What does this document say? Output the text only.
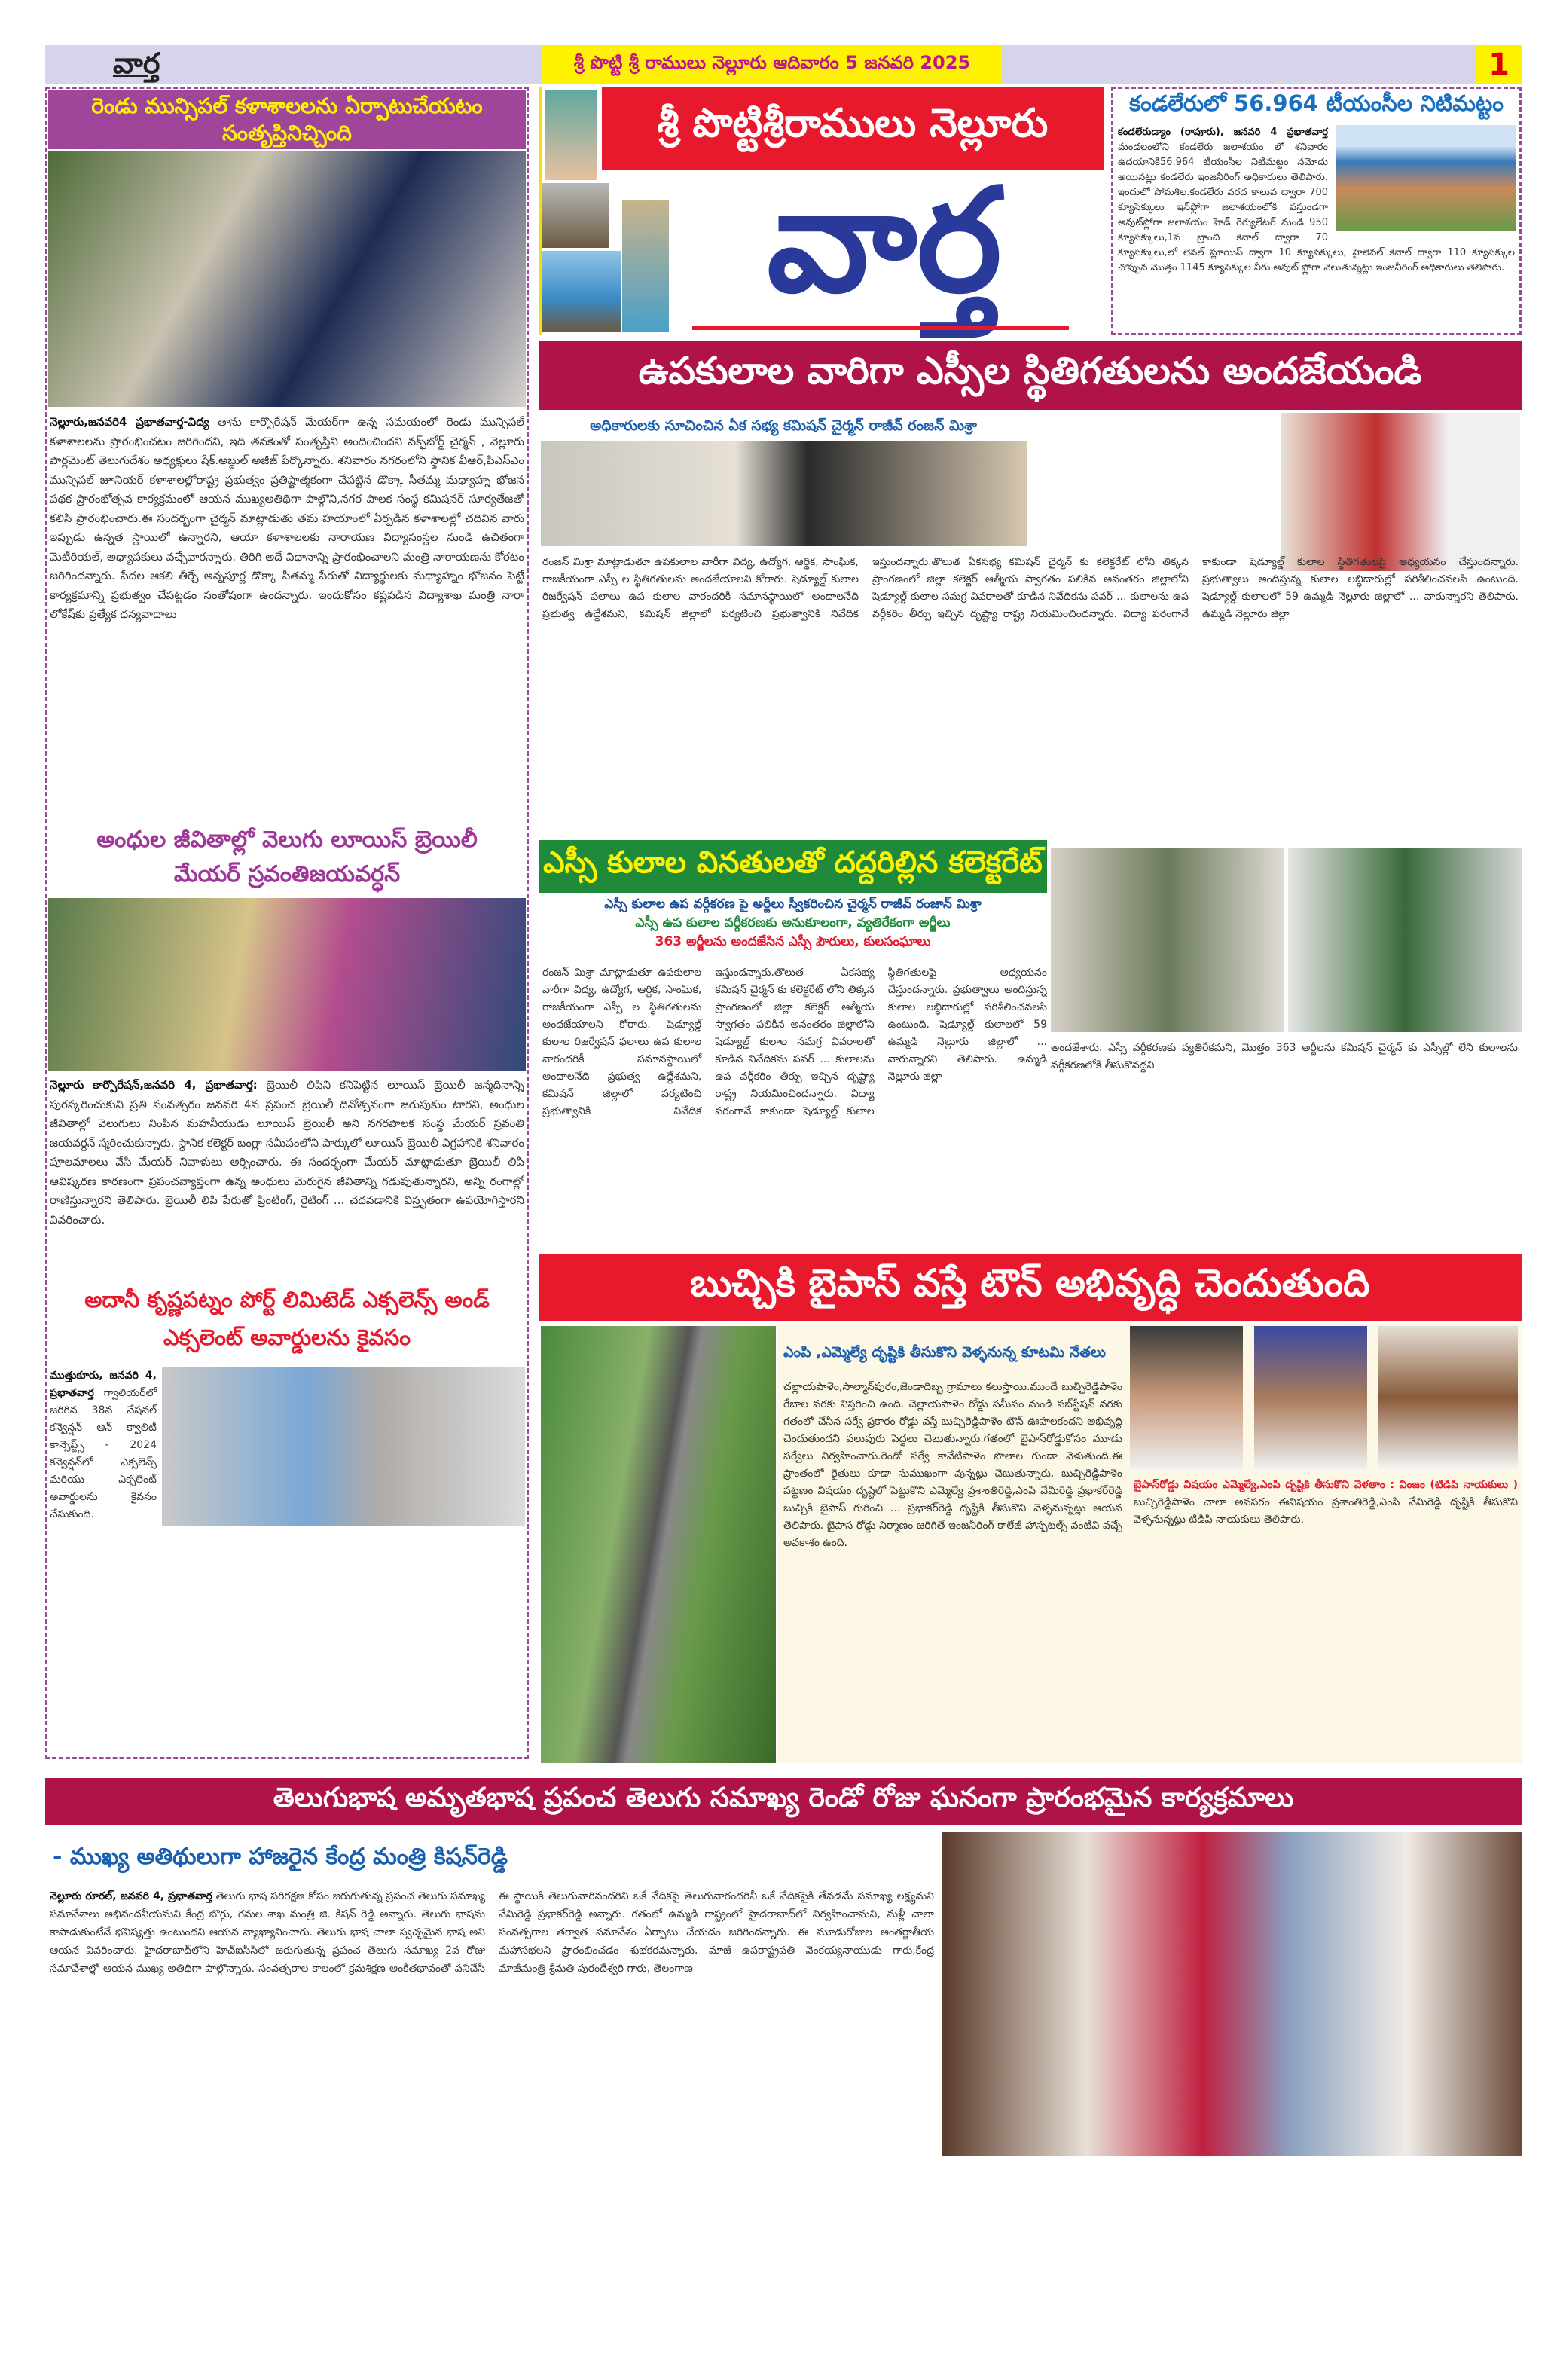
వార్త	శ్రీ పొట్టి శ్రీ రాములు నెల్లూరు ఆదివారం 5 జనవరి 2025	1
రెండు మున్సిపల్ కళాశాలలను ఏర్పాటుచేయటం సంతృప్తినిచ్చింది
నెల్లూరు,జనవరి4 ప్రభాతవార్త-విద్య తాను కార్పొరేషన్ మేయర్‌గా ఉన్న సమయంలో రెండు మున్సిపల్ కళాశాలలను ప్రారంభించటం జరిగిందని, ఇది తనకెంతో సంతృప్తిని అందించిందని వక్ఫ్‌బోర్డ్ చైర్మన్ , నెల్లూరు పార్లమెంట్ తెలుగుదేశం అధ్యక్షులు షేక్.అబ్దుల్ అజీజ్ పేర్కొన్నారు. శనివారం నగరంలోని స్థానిక వీఆర్,పిఎస్ఎం మున్సిపల్ జూనియర్ కళాశాలల్లోరాష్ట్ర ప్రభుత్వం ప్రతిష్టాత్మకంగా చేపట్టిన డొక్కా సీతమ్మ మధ్యాహ్న భోజన పథక ప్రారంభోత్సవ కార్యక్రమంలో ఆయన ముఖ్యఅతిథిగా పాల్గొని,నగర పాలక సంస్థ కమిషనర్ సూర్యతేజతో కలిసి ప్రారంభించారు.ఈ సందర్భంగా చైర్మన్ మాట్లాడుతు తమ హయాంలో ఏర్పడిన కళాశాలల్లో చదివిన వారు ఇప్పుడు ఉన్నత స్థాయిలో ఉన్నారని, ఆయా కళాశాలలకు నారాయణ విద్యాసంస్థల నుండి ఉచితంగా మెటీరియల్, అధ్యాపకులు వచ్చేవారన్నారు. తిరిగి అదే విధానాన్ని ప్రారంభించాలని మంత్రి నారాయణను కోరటం జరిగిందన్నారు. పేదల ఆకలి తీర్చే అన్నపూర్ణ డొక్కా సీతమ్మ పేరుతో విద్యార్థులకు మధ్యాహ్నం భోజనం పెట్టే కార్యక్రమాన్ని ప్రభుత్వం చేపట్టడం సంతోషంగా ఉందన్నారు. ఇందుకోసం కష్టపడిన విద్యాశాఖ మంత్రి నారా లోకేష్‌కు ప్రత్యేక ధన్యవాదాలు
అంధుల జీవితాల్లో వెలుగు లూయిస్ బ్రెయిలీ మేయర్ స్రవంతిజయవర్ధన్
నెల్లూరు కార్పొరేషన్,జనవరి 4, ప్రభాతవార్త: బ్రెయిలీ లిపిని కనిపెట్టిన లూయిస్ బ్రెయిలీ జన్మదినాన్ని పురస్కరించుకుని ప్రతి సంవత్సరం జనవరి 4న ప్రపంచ బ్రెయిలీ దినోత్సవంగా జరుపుకుం టారని, అంధుల జీవితాల్లో వెలుగులు నింపిన మహనీయుడు లూయిస్ బ్రెయిలీ అని నగరపాలక సంస్థ మేయర్ స్రవంతి జయవర్ధన్ స్మరించుకున్నారు. స్థానిక కలెక్టర్ బంగ్లా సమీపంలోని పార్కులో లూయిస్ బ్రెయిలీ విగ్రహానికి శనివారం పూలమాలలు వేసి మేయర్ నివాళులు అర్పించారు. ఈ సందర్భంగా మేయర్ మాట్లాడుతూ బ్రెయిలీ లిపి ఆవిష్కరణ కారణంగా ప్రపంచవ్యాప్తంగా ఉన్న అంధులు మెరుగైన జీవితాన్ని గడుపుతున్నారని, అన్ని రంగాల్లో రాణిస్తున్నారని తెలిపారు. బ్రెయిలీ లిపి పేరుతో ప్రింటింగ్, రైటింగ్ ... చదవడానికి విస్తృతంగా ఉపయోగిస్తారని వివరించారు.
అదానీ కృష్ణపట్నం పోర్ట్ లిమిటెడ్ ఎక్సలెన్స్ అండ్ ఎక్సలెంట్ అవార్డులను కైవసం
ముత్తుకూరు, జనవరి 4, ప్రభాతవార్త గ్వాలియర్‌లో జరిగిన 38వ నేషనల్ కన్వెన్షన్ ఆన్ క్వాలిటీ కాన్సెప్ట్స్ - 2024 కన్వెన్షన్‌లో ఎక్సలెన్స్ మరియు ఎక్సలెంట్ అవార్డులను కైవసం చేసుకుంది.
శ్రీ పొట్టిశ్రీరాములు నెల్లూరు
వార్త
కండలేరులో 56.964 టీయంసీల నిటిమట్టం
కండలేరుడ్యాం (రాపూరు), జనవరి 4 ప్రభాతవార్త మండలంలోని కండలేరు జలాశయం లో శనివారం ఉదయానికి56.964 టీయంసీల నిటిమట్టం నమోదు అయినట్లు కండలేరు ఇంజనీరింగ్ అధికారులు తెలిపారు. ఇందులో సోమశిల.కండలేరు వరద కాలువ ద్వారా 700 క్యూసెక్కులు ఇన్‌ఫ్లోగా జలాశయంలోకి వస్తుండగా అవుట్‌ఫ్లోగా జలాశయం హెడ్ రెగ్యులేటర్ నుండి 950 క్యూసెక్కులు,1వ బ్రాంచి కెనాల్ ద్వారా 70 క్యూసెక్కులు,లో లెవల్ స్లూయిస్ ద్వారా 10 క్యూసెక్కులు, హైలెవల్ కెనాల్ ద్వారా 110 క్యూసెక్కుల చొప్పున మొత్తం 1145 క్యూసెక్కుల నీరు అవుట్ ఫ్లోగా వెలుతున్నట్లు ఇంజనీరింగ్ అధికారులు తెలిపారు.
ఉపకులాల వారిగా ఎస్సీల స్థితిగతులను అందజేయండి
అధికారులకు సూచించిన ఏక సభ్య కమిషన్ చైర్మన్ రాజీవ్ రంజన్ మిశ్రా
రంజన్ మిశ్రా మాట్లాడుతూ ఉపకులాల వారీగా విద్య, ఉద్యోగ, ఆర్థిక, సాంఘిక, రాజకీయంగా ఎస్సీ ల స్థితిగతులను అందజేయాలని కోరారు. షెడ్యూల్డ్ కులాల రిజర్వేషన్ ఫలాలు ఉప కులాల వారందరికీ సమానస్థాయిలో అందాలనేది ప్రభుత్వ ఉద్దేశమని, కమిషన్ జిల్లాలో పర్యటించి ప్రభుత్వానికి నివేదిక ఇస్తుందన్నారు.తొలుత ఏకసభ్య కమిషన్ చైర్మన్ కు కలెక్టరేట్ లోని తిక్కన ప్రాంగణంలో జిల్లా కలెక్టర్ ఆత్మీయ స్వాగతం పలికిన అనంతరం జిల్లాలోని షెడ్యూల్డ్ కులాల సమగ్ర వివరాలతో కూడిన నివేదికను పవర్ ... కులాలను ఉప వర్గీకరిం తీర్పు ఇచ్చిన దృష్ట్యా రాష్ట్ర నియమించిందన్నారు. విద్యా పరంగానే కాకుండా షెడ్యూల్డ్ కులాల స్థితిగతులపై అధ్యయనం చేస్తుందన్నారు. ప్రభుత్వాలు అందిస్తున్న కులాల లబ్ధిదారుల్లో పరిశీలించవలసి ఉంటుంది. షెడ్యూల్డ్ కులాలలో 59 ఉమ్మడి నెల్లూరు జిల్లాలో ... వారున్నారని తెలిపారు. ఉమ్మడి నెల్లూరు జిల్లా
ఎస్సీ కులాల వినతులతో దద్దరిల్లిన కలెక్టరేట్
ఎస్సీ కులాల ఉప వర్గీకరణ పై అర్జీలు స్వీకరించిన చైర్మన్ రాజీవ్ రంజాన్ మిశ్రా
ఎస్సీ ఉప కులాల వర్గీకరణకు అనుకూలంగా, వ్యతిరేకంగా అర్జీలు
363 అర్జీలను అందజేసిన ఎస్సీ పౌరులు, కులసంఘాలు
రంజన్ మిశ్రా మాట్లాడుతూ ఉపకులాల వారీగా విద్య, ఉద్యోగ, ఆర్థిక, సాంఘిక, రాజకీయంగా ఎస్సీ ల స్థితిగతులను అందజేయాలని కోరారు. షెడ్యూల్డ్ కులాల రిజర్వేషన్ ఫలాలు ఉప కులాల వారందరికీ సమానస్థాయిలో అందాలనేది ప్రభుత్వ ఉద్దేశమని, కమిషన్ జిల్లాలో పర్యటించి ప్రభుత్వానికి నివేదిక ఇస్తుందన్నారు.తొలుత ఏకసభ్య కమిషన్ చైర్మన్ కు కలెక్టరేట్ లోని తిక్కన ప్రాంగణంలో జిల్లా కలెక్టర్ ఆత్మీయ స్వాగతం పలికిన అనంతరం జిల్లాలోని షెడ్యూల్డ్ కులాల సమగ్ర వివరాలతో కూడిన నివేదికను పవర్ ... కులాలను ఉప వర్గీకరిం తీర్పు ఇచ్చిన దృష్ట్యా రాష్ట్ర నియమించిందన్నారు. విద్యా పరంగానే కాకుండా షెడ్యూల్డ్ కులాల స్థితిగతులపై అధ్యయనం చేస్తుందన్నారు. ప్రభుత్వాలు అందిస్తున్న కులాల లబ్ధిదారుల్లో పరిశీలించవలసి ఉంటుంది. షెడ్యూల్డ్ కులాలలో 59 ఉమ్మడి నెల్లూరు జిల్లాలో ... వారున్నారని తెలిపారు. ఉమ్మడి నెల్లూరు జిల్లా
అందజేశారు. ఎస్సీ వర్గీకరణకు వ్యతిరేకమని, మొత్తం 363 అర్జీలను కమిషన్ చైర్మన్ కు ఎస్సీల్లో లేని కులాలను వర్గీకరణలోకి తీసుకొవద్దని
బుచ్చికి బైపాస్ వస్తే టౌన్ అభివృద్ధి చెందుతుంది
ఎంపి ,ఎమ్మెల్యే దృష్టికి తీసుకొని వెళ్ళనున్న కూటమి నేతలు
చల్లాయపాళెం,సాల్మాన్‌పురం,జెండాదిబ్బ గ్రామాలు కలుస్తాయి.ముందే బుచ్చిరెడ్డిపాళెం రేబాల వరకు విస్తరించి ఉంది. చెల్లాయపాళెం రోడ్డు సమీపం నుండి సబ్‌స్టేషన్ వరకు గతంలో చేసిన సర్వే ప్రకారం రోడ్డు వస్తే బుచ్చిరెడ్డిపాళెం టౌన్ ఊహలకందని అభివృద్ధి చెందుతుందని పలువురు పెద్దలు చెబుతున్నారు.గతంలో బైపాస్‌రోడ్డుకోసం మూడు సర్వేలు నిర్వహించారు.రెండో సర్వే కావేటిపాళెం పొలాల గుండా వెళుతుంది.ఈ ప్రాంతంలో రైతులు కూడా సుముఖంగా వున్నట్లు చెబుతున్నారు. బుచ్చిరెడ్డిపాళెం పట్టణం విషయం దృష్టిలో పెట్టుకొని ఎమ్మెల్యే ప్రశాంతిరెడ్డి,ఎంపి వేమిరెడ్డి ప్రభాకర్‌రెడ్డి బుచ్చికి బైపాస్ గురించి ... ప్రభాకర్‌రెడ్డి దృష్టికి తీసుకొని వెళ్ళనున్నట్లు ఆయన తెలిపారు. బైపాస రోడ్డు నిర్మాణం జరిగితే ఇంజనీరింగ్ కాలేజీ హాస్పటల్స్ వంటివి వచ్చే అవకాశం ఉంది.
బైపాస్‌రోడ్డు విషయం ఎమ్మెల్యే,ఎంపి దృష్టికి తీసుకొని వెళతాం : వింజం (టిడిపి నాయకులు ) బుచ్చిరెడ్డిపాళెం చాలా అవసరం ఈవిషయం ప్రశాంతిరెడ్డి,ఎంపి వేమిరెడ్డి దృష్టికి తీసుకొని వెళ్ళనున్నట్లు టిడిపి నాయకులు తెలిపారు.
తెలుగుభాష అమృతభాష ప్రపంచ తెలుగు సమాఖ్య రెండో రోజు ఘనంగా ప్రారంభమైన కార్యక్రమాలు
- ముఖ్య అతిథులుగా హాజరైన కేంద్ర మంత్రి కిషన్‌రెడ్డి
నెల్లూరు రూరల్, జనవరి 4, ప్రభాతవార్త తెలుగు భాష పరిరక్షణ కోసం జరుగుతున్న ప్రపంచ తెలుగు సమాఖ్య సమావేశాలు అభినందనీయమని కేంద్ర బొగ్గు, గనుల శాఖ మంత్రి జి. కిషన్ రెడ్డి అన్నారు. తెలుగు భాషను కాపాడుకుంటేనే భవిష్యత్తు ఉంటుందని ఆయన వ్యాఖ్యానించారు. తెలుగు భాష చాలా స్వచ్ఛమైన భాష అని ఆయన వివరించారు. హైదరాబాద్‌లోని హెచ్‌ఐసీసీలో జరుగుతున్న ప్రపంచ తెలుగు సమాఖ్య 2వ రోజు సమావేశాల్లో ఆయన ముఖ్య అతిథిగా పాల్గొన్నారు. సంవత్సరాల కాలంలో క్రమశిక్షణ అంకితభావంతో పనిచేసి ఈ స్థాయికి తెలుగువారినందరిని ఒకే వేదికపై తెలుగువారందరినీ ఒకే వేదికపైకి తేవడమే సమాఖ్య లక్ష్యమని వేమిరెడ్డి ప్రభాకర్‌రెడ్డి అన్నారు. గతంలో ఉమ్మడి రాష్ట్రంలో హైదరాబాద్‌లో నిర్వహించామని, మళ్లీ చాలా సంవత్సరాల తర్వాత సమావేశం ఏర్పాటు చేయడం జరిగిందన్నారు. ఈ మూడురోజుల అంతర్జాతీయ మహాసభలని ప్రారంభించడం శుభకరమన్నారు. మాజీ ఉపరాష్ట్రపతి వెంకయ్యనాయుడు గారు,కేంద్ర మాజీమంత్రి శ్రీమతి పురందేశ్వరి గారు, తెలంగాణ
